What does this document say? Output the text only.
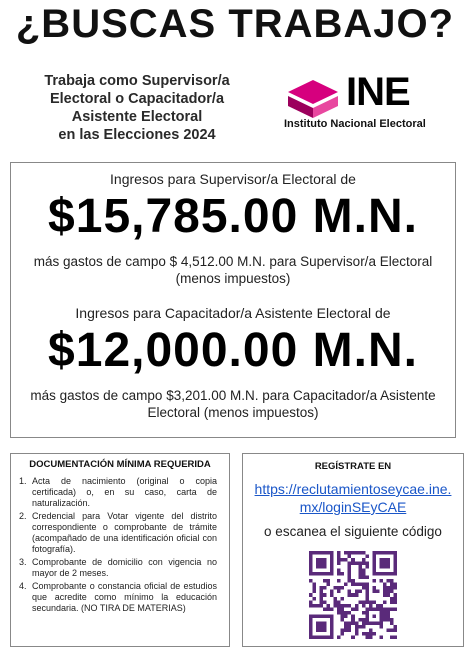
¿BUSCAS TRABAJO?
Trabaja como Supervisor/a
Electoral o Capacitador/a
Asistente Electoral
en las Elecciones 2024
INE
Instituto Nacional Electoral
Ingresos para Supervisor/a Electoral de
$15,785.00 M.N.
más gastos de campo $ 4,512.00 M.N. para Supervisor/a Electoral
(menos impuestos)
Ingresos para Capacitador/a Asistente Electoral de
$12,000.00 M.N.
más gastos de campo $3,201.00 M.N. para Capacitador/a Asistente
Electoral (menos impuestos)
DOCUMENTACIÓN MÍNIMA REQUERIDA
1. Acta de nacimiento (original o copia certificada) o, en su caso, carta de naturalización.
2. Credencial para Votar vigente del distrito correspondiente o comprobante de trámite (acompañado de una identificación oficial con fotografía).
3. Comprobante de domicilio con vigencia no mayor de 2 meses.
4. Comprobante o constancia oficial de estudios que acredite como mínimo la educación secundaria. (NO TIRA DE MATERIAS)
REGÍSTRATE EN
https://reclutamientoseycae.ine.
mx/loginSEyCAE
o escanea el siguiente código
